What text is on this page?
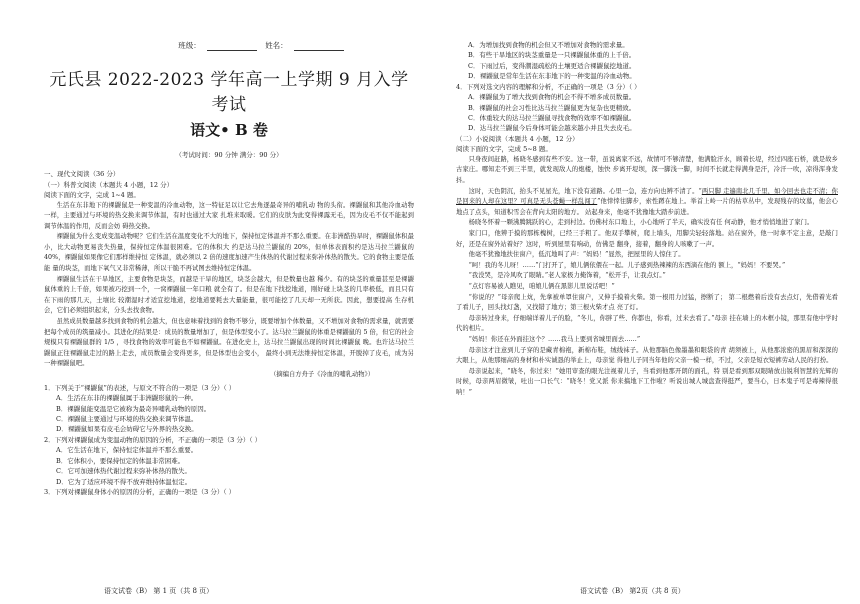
班级：	姓名：
元氏县 2022-2023 学年高一上学期 9 月入学考试
语文• B 卷
（考试时间：90 分钟 满分：90 分）

一、现代文阅读（36 分）

（一）科普文阅读（本题共 4 小题，12 分）

阅读下面的文字，完成 1~4 题。

生活在东非地下的裸鼹鼠是一种变温的冷血动物，这一特征足以让它去角逐最奇异的哺乳动 物的头衔。裸鼹鼠和其他冷血动物一样，主要通过与环境的热交换来调节体温，有时也通过大家 扎堆来取暖。它们的皮肤为此变得裸露无毛，因为皮毛不仅不能起到调节体温的作用，反而会妨 碍热交换。

裸鼹鼠为什么变成变温动物呢？它们生活在温度变化不大的地下，保持恒定体温并不那么重要。在非洲酷热旱时，裸鼹鼠体积最小，比大动物更易丧失热量，保持恒定体温很困难。它的体积大 约是达马拉兰鼹鼠的 20%，但单体表面积约是达马拉兰鼹鼠的 40%，裸鼹鼠如果像它们那样维持恒 定体温，就必须以 2 倍的速度加速产生体热的代谢过程来弥补体热的散失。它的食物主要是低能 量的块茎，而地下氧气又非常稀薄，所以干脆不再试图去维持恒定体温。

裸鼹鼠生活在干旱地区，主要食物是块茎，而越是干旱的地区，块茎会越大，但是数量也越 稀少。有的块茎的重量甚至是裸鼹鼠体重的上千倍，如果被巧挖到一个，一窝裸鼹鼠一年口粮 就全有了。但是在地下找挖地道，刚好碰上块茎的几率极低，而且只有在下雨的那几天，土壤比 较潮湿时才适宜挖地道，挖地道要耗去大量能量，很可能挖了几天却一无所获。因此，想要提高 生存机会，它们必须组织起来，分头去找食物。

虽然成员数量越多找到食物的机会越大，但也意味着找到的食物不够分，既要增加个体数量，又不增加对食物的需求量，就需要把每个成员的筑量减小。其进化的结果是：成员的数量增加了，但是体型变小了。达马拉兰鼹鼠的体重是裸鼹鼠的 5 倍，但它的社会规模只有裸鼹鼠群的 1/5 ，寻找食物的效率可能也不如裸鼹鼠。在进化史上，达马拉兰鼹鼠出现的时间比裸鼹鼠 晚。也许达马拉兰鼹鼠正往裸鼹鼠走过的路上走去，成员数量会变得更多，但是体型也会变小， 最终小到无法维持恒定体温，开脱掉了皮毛，成为另一种裸鼹鼠吧。

（摘编自方舟子《冷血的哺乳动物》）

1．下列关于“裸鼹鼠”的表述，与原文不符合的一项是（3 分）（ ）

A．生活在东非的裸鼹鼠属于非洲鼹形鼠的一种。

B．裸鼹鼠能变温是它被称为最奇异哺乳动物的原因。

C．裸鼹鼠主要通过与环境的热交换来调节体温。

D．裸鼹鼠如果有皮毛会妨碍它与外界的热交换。

2．下列对裸鼹鼠成为变温动物的原因的分析，不正确的一项是（3 分）（ ）

A．它生活在地下，保持恒定体温并不那么重要。

B．它体积小，要保持恒定的体温非常困难。

C．它可加速体热代谢过程来弥补体热的散失。

D．它为了适应环境不得不放弃维持体温恒定。

3．下列对裸鼹鼠身体小的原因的分析，正确的一项是（3 分）（ ）

A．为增加找到食物的机会但又不增加对食物的需求量。

B．有些干旱地区的块茎重量是一只裸鼹鼠体重的上千倍。

C．下雨过后，变得潮湿疏松的土壤更适合裸鼹鼠挖地道。

D．裸鼹鼠是常年生活在东非地下的一种变温的冷血动物。

4．下列对选文内容的理解和分析，不正确的一项是（3 分）（ ）

A．裸鼹鼠为了增大找到食物的机会不得不增多成员数量。

B．裸鼹鼠的社会习性比达马拉兰鼹鼠更为复杂也更精致。

C．体重较大的达马拉兰鼹鼠寻找食物的效率不如裸鼹鼠。

D．达马拉兰鼹鼠今后身体可能会越来越小并且失去皮毛。

（二）小说阅读（本题共 4 小题，12 分）

阅读下面的文字，完成 5~8 题。

只身夜间赶路，杨晓冬感到有些不安。这一带，虽说离家不远，故情可不够清楚，他满脸汗水，顾着长堤，经过四座石桥，就是故乡古家庄。哪知走不到三半里，就发现敌人的炮楼，蚀快 步离开堤坝，深一脚浅一脚，时间不长就走得满身是汗，冷汗一吹，凉得浑身发抖。

这时，天色阴沉，抬头不见星光，地下没有道路。心里一急，连方向也辨不清了。“两只脚 走遍南北几千里，如今回去也走不清；你是回来的人却在这里？可真是无头苍蝇一样乱闯了”他悻悻往脚步，索性蹲在地上。举首上岭一片的枯草丛中，发现残存的坟墓，他会心地点了点头，知道积雪会在背向太阳的地方。 站起身来，他毫不犹豫地大踏步前进。

杨晓冬怀着一颗沸腾跳跃的心，走到村边。仿佛村东口地上，小心地听了半天，确实没有任 何动静，他才悄悄地进了家门。

家门口，他辨于摸的那栋槐树，已经三手粗了。他双手攀树，爬上墙头，用脚尖轻轻落地。站在窗外，他一时拿不定主意，是敲门好，还是在窗外站着好？这时，听到屋里有响动，仿佛是 翻身，接着，翻身的人咳嗽了一声。

他毫不犹豫地扶住窗户，低沉地叫了声：“妈妈！”显然，把屋里的人惊住了。

“呵！我的冬儿呀！……”门打开了，娘儿俩依偎在一起。儿子感到热辣辣的东西滴在他的 额上，“妈妈！不要哭。”

“我没哭，是冷风吹了眼睛。”老人家极力掩饰着，“松开手，让我点灯。”

“点灯容易被人瞧见，咱娘儿俩在黑影儿里说话吧！”

“你说的？”母亲爬上炕，先拿被单罩住窗户，又伸手摸着火柴。第一根用力过猛，擦断了； 第二根燃着后没有去点灯，先借着光看了看儿子，回头找灯盏，又找错了地方；第三根火柴才点 亮了灯。

母亲转过身来，仔细端详着儿子的脸，“冬儿，你胖了些、你都也，你看，过来去看了。”母亲 挂在墙上的木框小镜，那里有他中学时代的相片。

“妈妈！你还在外面挂这个？……我马上要到省城里面去……”

母亲这才注意到儿子穿的是藏青棉袍，新棉布鞋，绒线袜子。从他那脑色像墨墨和眼袋的青 胡须被上，从他那浓密的黑眉和深深的大眼上，从他那细高的身材和朴实诚恳的举止上，母亲觉 得他儿子同当年他的父亲一模一样，不过，父亲是短衣短裤劳动人民的打扮。

母亲说起来，“晓冬，你过来！”她用审查的眼光注视着儿子，当看到他那开朗的面孔，特 别是看到那双眼睛放出锐利智慧的光辉的时候，母亲两眉微皱，吐出一口长气：“晓冬！党又派 你来搞地下工作啦？听说出城人城盘查得挺严，要当心，日本鬼子可是毒辣得很呐！”

语文试卷（B） 第 1 页（共 8 页）	语文试卷（B） 第2页（共 8 页）
